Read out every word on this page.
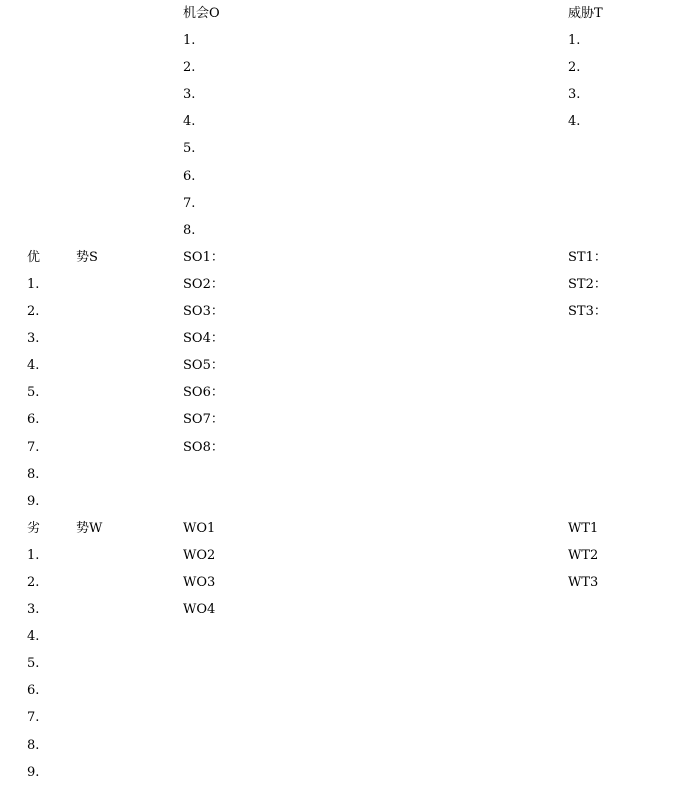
优	势S
1.
2.
3.
4.
5.
6.
7.
8.
9.
劣	势W
1.
2.
3.
4.
5.
6.
7.
8.
9.
机会O
1.
2.
3.
4.
5.
6.
7.
8.
SO1：
SO2：
SO3：
SO4：
SO5：
SO6：
SO7：
SO8：
WO1
WO2
WO3
WO4
威胁T
1.
2.
3.
4.
ST1：
ST2：
ST3：
WT1
WT2
WT3
